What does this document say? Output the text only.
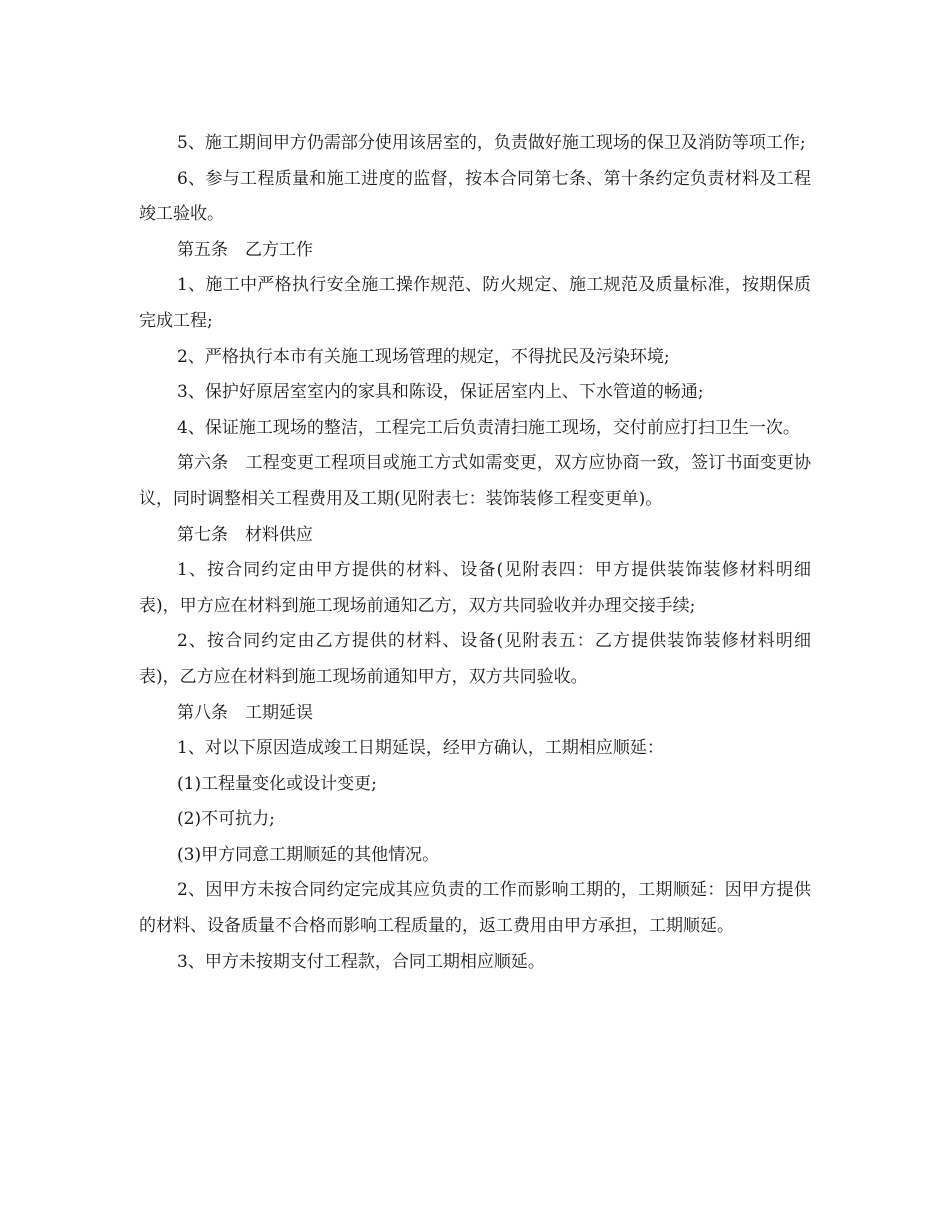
5、施工期间甲方仍需部分使用该居室的，负责做好施工现场的保卫及消防等项工作;

6、参与工程质量和施工进度的监督，按本合同第七条、第十条约定负责材料及工程竣工验收。

第五条　乙方工作

1、施工中严格执行安全施工操作规范、防火规定、施工规范及质量标准，按期保质完成工程;

2、严格执行本市有关施工现场管理的规定，不得扰民及污染环境;

3、保护好原居室室内的家具和陈设，保证居室内上、下水管道的畅通;

4、保证施工现场的整洁，工程完工后负责清扫施工现场，交付前应打扫卫生一次。

第六条　工程变更工程项目或施工方式如需变更，双方应协商一致，签订书面变更协议，同时调整相关工程费用及工期(见附表七：装饰装修工程变更单)。

第七条　材料供应

1、按合同约定由甲方提供的材料、设备(见附表四：甲方提供装饰装修材料明细表)，甲方应在材料到施工现场前通知乙方，双方共同验收并办理交接手续;

2、按合同约定由乙方提供的材料、设备(见附表五：乙方提供装饰装修材料明细表)，乙方应在材料到施工现场前通知甲方，双方共同验收。

第八条　工期延误

1、对以下原因造成竣工日期延误，经甲方确认，工期相应顺延：

(1)工程量变化或设计变更;

(2)不可抗力;

(3)甲方同意工期顺延的其他情况。

2、因甲方未按合同约定完成其应负责的工作而影响工期的，工期顺延：因甲方提供的材料、设备质量不合格而影响工程质量的，返工费用由甲方承担，工期顺延。

3、甲方未按期支付工程款，合同工期相应顺延。
